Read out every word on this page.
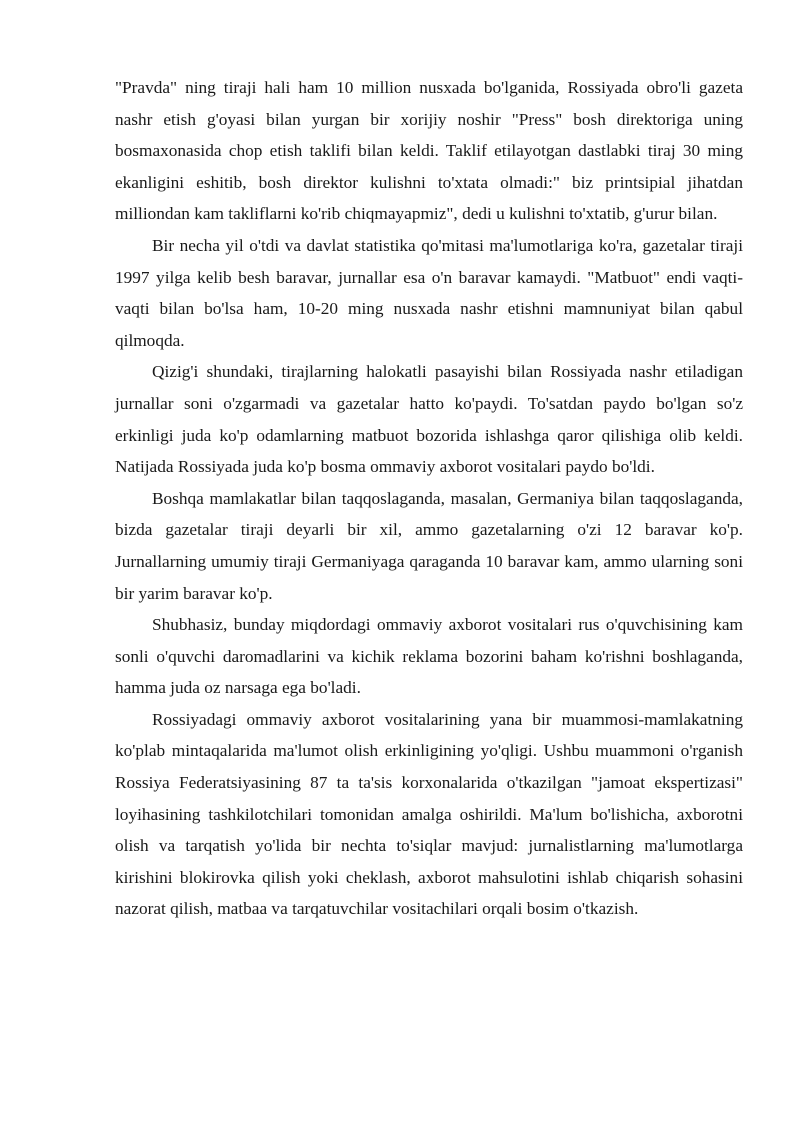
"Pravda" ning tiraji hali ham 10 million nusxada bo'lganida, Rossiyada obro'li gazeta nashr etish g'oyasi bilan yurgan bir xorijiy noshir "Press" bosh direktoriga uning bosmaxonasida chop etish taklifi bilan keldi. Taklif etilayotgan dastlabki tiraj 30 ming ekanligini eshitib, bosh direktor kulishni to'xtata olmadi:" biz printsipial jihatdan milliondan kam takliflarni ko'rib chiqmayapmiz", dedi u kulishni to'xtatib, g'urur bilan.

Bir necha yil o'tdi va davlat statistika qo'mitasi ma'lumotlariga ko'ra, gazetalar tiraji 1997 yilga kelib besh baravar, jurnallar esa o'n baravar kamaydi. "Matbuot" endi vaqti-vaqti bilan bo'lsa ham, 10-20 ming nusxada nashr etishni mamnuniyat bilan qabul qilmoqda.

Qizig'i shundaki, tirajlarning halokatli pasayishi bilan Rossiyada nashr etiladigan jurnallar soni o'zgarmadi va gazetalar hatto ko'paydi. To'satdan paydo bo'lgan so'z erkinligi juda ko'p odamlarning matbuot bozorida ishlashga qaror qilishiga olib keldi. Natijada Rossiyada juda ko'p bosma ommaviy axborot vositalari paydo bo'ldi.

Boshqa mamlakatlar bilan taqqoslaganda, masalan, Germaniya bilan taqqoslaganda, bizda gazetalar tiraji deyarli bir xil, ammo gazetalarning o'zi 12 baravar ko'p. Jurnallarning umumiy tiraji Germaniyaga qaraganda 10 baravar kam, ammo ularning soni bir yarim baravar ko'p.

Shubhasiz, bunday miqdordagi ommaviy axborot vositalari rus o'quvchisining kam sonli o'quvchi daromadlarini va kichik reklama bozorini baham ko'rishni boshlaganda, hamma juda oz narsaga ega bo'ladi.

Rossiyadagi ommaviy axborot vositalarining yana bir muammosi-mamlakatning ko'plab mintaqalarida ma'lumot olish erkinligining yo'qligi. Ushbu muammoni o'rganish Rossiya Federatsiyasining 87 ta ta'sis korxonalarida o'tkazilgan "jamoat ekspertizasi" loyihasining tashkilotchilari tomonidan amalga oshirildi. Ma'lum bo'lishicha, axborotni olish va tarqatish yo'lida bir nechta to'siqlar mavjud: jurnalistlarning ma'lumotlarga kirishini blokirovka qilish yoki cheklash, axborot mahsulotini ishlab chiqarish sohasini nazorat qilish, matbaa va tarqatuvchilar vositachilari orqali bosim o'tkazish.
